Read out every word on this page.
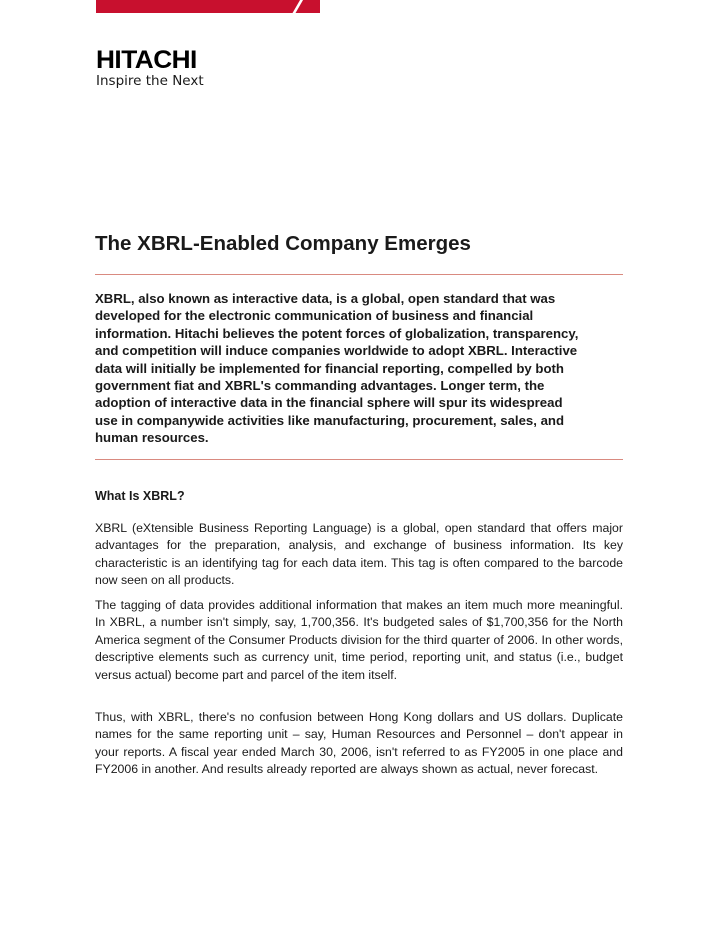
HITACHI
Inspire the Next
The XBRL-Enabled Company Emerges

XBRL, also known as interactive data, is a global, open standard that was
developed for the electronic communication of business and financial
information. Hitachi believes the potent forces of globalization, transparency,
and competition will induce companies worldwide to adopt XBRL. Interactive
data will initially be implemented for financial reporting, compelled by both
government fiat and XBRL's commanding advantages. Longer term, the
adoption of interactive data in the financial sphere will spur its widespread
use in companywide activities like manufacturing, procurement, sales, and
human resources.

What Is XBRL?

XBRL (eXtensible Business Reporting Language) is a global, open standard that offers major advantages for the preparation, analysis, and exchange of business information. Its key characteristic is an identifying tag for each data item. This tag is often compared to the barcode now seen on all products.

The tagging of data provides additional information that makes an item much more meaningful. In XBRL, a number isn't simply, say, 1,700,356. It's budgeted sales of $1,700,356 for the North America segment of the Consumer Products division for the third quarter of 2006. In other words, descriptive elements such as currency unit, time period, reporting unit, and status (i.e., budget versus actual) become part and parcel of the item itself.

Thus, with XBRL, there's no confusion between Hong Kong dollars and US dollars. Duplicate names for the same reporting unit – say, Human Resources and Personnel – don't appear in your reports. A fiscal year ended March 30, 2006, isn't referred to as FY2005 in one place and FY2006 in another. And results already reported are always shown as actual, never forecast.
